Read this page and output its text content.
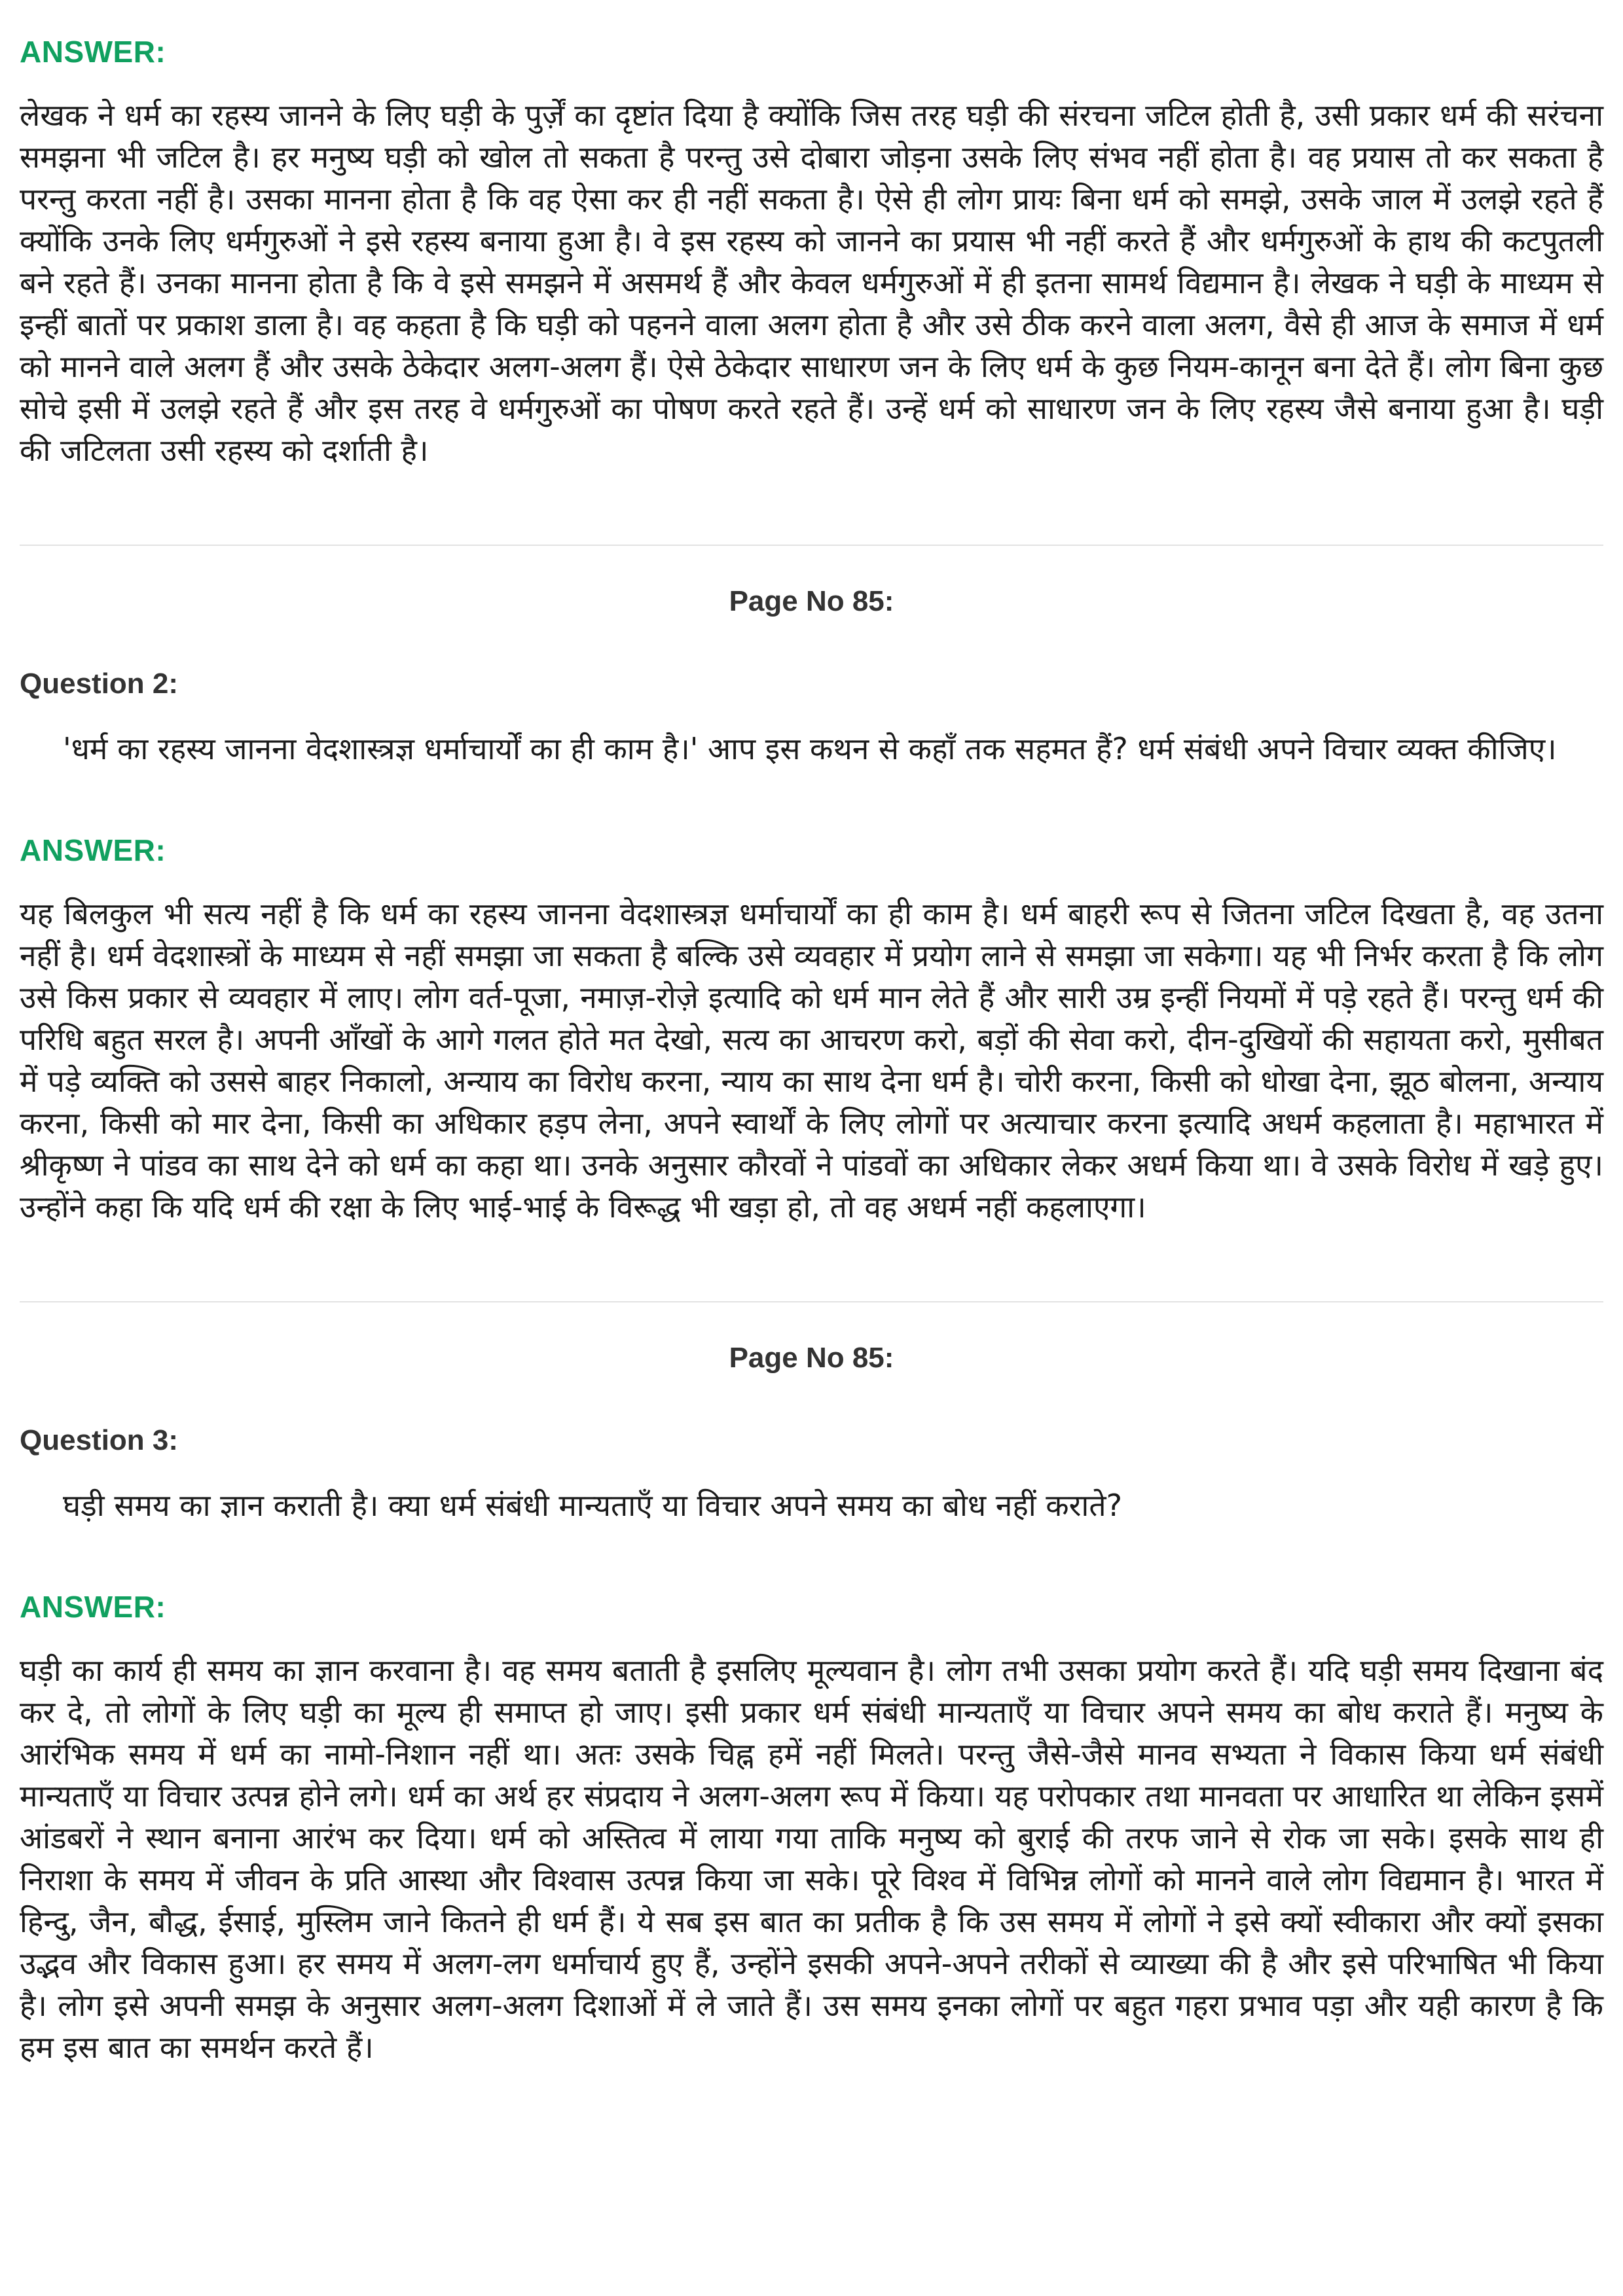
ANSWER:

लेखक ने धर्म का रहस्य जानने के लिए घड़ी के पुर्ज़ें का दृष्टांत दिया है क्योंकि जिस तरह घड़ी की संरचना जटिल होती है, उसी प्रकार धर्म की सरंचना समझना भी जटिल है। हर मनुष्य घड़ी को खोल तो सकता है परन्तु उसे दोबारा जोड़ना उसके लिए संभव नहीं होता है। वह प्रयास तो कर सकता है परन्तु करता नहीं है। उसका मानना होता है कि वह ऐसा कर ही नहीं सकता है। ऐसे ही लोग प्रायः बिना धर्म को समझे, उसके जाल में उलझे रहते हैं क्योंकि उनके लिए धर्मगुरुओं ने इसे रहस्य बनाया हुआ है। वे इस रहस्य को जानने का प्रयास भी नहीं करते हैं और धर्मगुरुओं के हाथ की कटपुतली बने रहते हैं। उनका मानना होता है कि वे इसे समझने में असमर्थ हैं और केवल धर्मगुरुओं में ही इतना सामर्थ विद्यमान है। लेखक ने घड़ी के माध्यम से इन्हीं बातों पर प्रकाश डाला है। वह कहता है कि घड़ी को पहनने वाला अलग होता है और उसे ठीक करने वाला अलग, वैसे ही आज के समाज में धर्म को मानने वाले अलग हैं और उसके ठेकेदार अलग-अलग हैं। ऐसे ठेकेदार साधारण जन के लिए धर्म के कुछ नियम-कानून बना देते हैं। लोग बिना कुछ सोचे इसी में उलझे रहते हैं और इस तरह वे धर्मगुरुओं का पोषण करते रहते हैं। उन्हें धर्म को साधारण जन के लिए रहस्य जैसे बनाया हुआ है। घड़ी की जटिलता उसी रहस्य को दर्शाती है।

Page No 85:
Question 2:

'धर्म का रहस्य जानना वेदशास्त्रज्ञ धर्माचार्यों का ही काम है।' आप इस कथन से कहाँ तक सहमत हैं? धर्म संबंधी अपने विचार व्यक्त कीजिए।

ANSWER:

यह बिलकुल भी सत्य नहीं है कि धर्म का रहस्य जानना वेदशास्त्रज्ञ धर्माचार्यों का ही काम है। धर्म बाहरी रूप से जितना जटिल दिखता है, वह उतना नहीं है। धर्म वेदशास्त्रों के माध्यम से नहीं समझा जा सकता है बल्कि उसे व्यवहार में प्रयोग लाने से समझा जा सकेगा। यह भी निर्भर करता है कि लोग उसे किस प्रकार से व्यवहार में लाए। लोग वर्त-पूजा, नमाज़-रोज़े इत्यादि को धर्म मान लेते हैं और सारी उम्र इन्हीं नियमों में पड़े रहते हैं। परन्तु धर्म की परिधि बहुत सरल है। अपनी आँखों के आगे गलत होते मत देखो, सत्य का आचरण करो, बड़ों की सेवा करो, दीन-दुखियों की सहायता करो, मुसीबत में पड़े व्यक्ति को उससे बाहर निकालो, अन्याय का विरोध करना, न्याय का साथ देना धर्म है। चोरी करना, किसी को धोखा देना, झूठ बोलना, अन्याय करना, किसी को मार देना, किसी का अधिकार हड़प लेना, अपने स्वार्थों के लिए लोगों पर अत्याचार करना इत्यादि अधर्म कहलाता है। महाभारत में श्रीकृष्ण ने पांडव का साथ देने को धर्म का कहा था। उनके अनुसार कौरवों ने पांडवों का अधिकार लेकर अधर्म किया था। वे उसके विरोध में खड़े हुए। उन्होंने कहा कि यदि धर्म की रक्षा के लिए भाई-भाई के विरूद्ध भी खड़ा हो, तो वह अधर्म नहीं कहलाएगा।

Page No 85:
Question 3:

घड़ी समय का ज्ञान कराती है। क्या धर्म संबंधी मान्यताएँ या विचार अपने समय का बोध नहीं कराते?

ANSWER:

घड़ी का कार्य ही समय का ज्ञान करवाना है। वह समय बताती है इसलिए मूल्यवान है। लोग तभी उसका प्रयोग करते हैं। यदि घड़ी समय दिखाना बंद कर दे, तो लोगों के लिए घड़ी का मूल्य ही समाप्त हो जाए। इसी प्रकार धर्म संबंधी मान्यताएँ या विचार अपने समय का बोध कराते हैं। मनुष्य के आरंभिक समय में धर्म का नामो-निशान नहीं था। अतः उसके चिह्न हमें नहीं मिलते। परन्तु जैसे-जैसे मानव सभ्यता ने विकास किया धर्म संबंधी मान्यताएँ या विचार उत्पन्न होने लगे। धर्म का अर्थ हर संप्रदाय ने अलग-अलग रूप में किया। यह परोपकार तथा मानवता पर आधारित था लेकिन इसमें आंडबरों ने स्थान बनाना आरंभ कर दिया। धर्म को अस्तित्व में लाया गया ताकि मनुष्य को बुराई की तरफ जाने से रोक जा सके। इसके साथ ही निराशा के समय में जीवन के प्रति आस्था और विश्वास उत्पन्न किया जा सके। पूरे विश्व में विभिन्न लोगों को मानने वाले लोग विद्यमान है। भारत में हिन्दु, जैन, बौद्ध, ईसाई, मुस्लिम जाने कितने ही धर्म हैं। ये सब इस बात का प्रतीक है कि उस समय में लोगों ने इसे क्यों स्वीकारा और क्यों इसका उद्भव और विकास हुआ। हर समय में अलग-लग धर्माचार्य हुए हैं, उन्होंने इसकी अपने-अपने तरीकों से व्याख्या की है और इसे परिभाषित भी किया है। लोग इसे अपनी समझ के अनुसार अलग-अलग दिशाओं में ले जाते हैं। उस समय इनका लोगों पर बहुत गहरा प्रभाव पड़ा और यही कारण है कि हम इस बात का समर्थन करते हैं।
